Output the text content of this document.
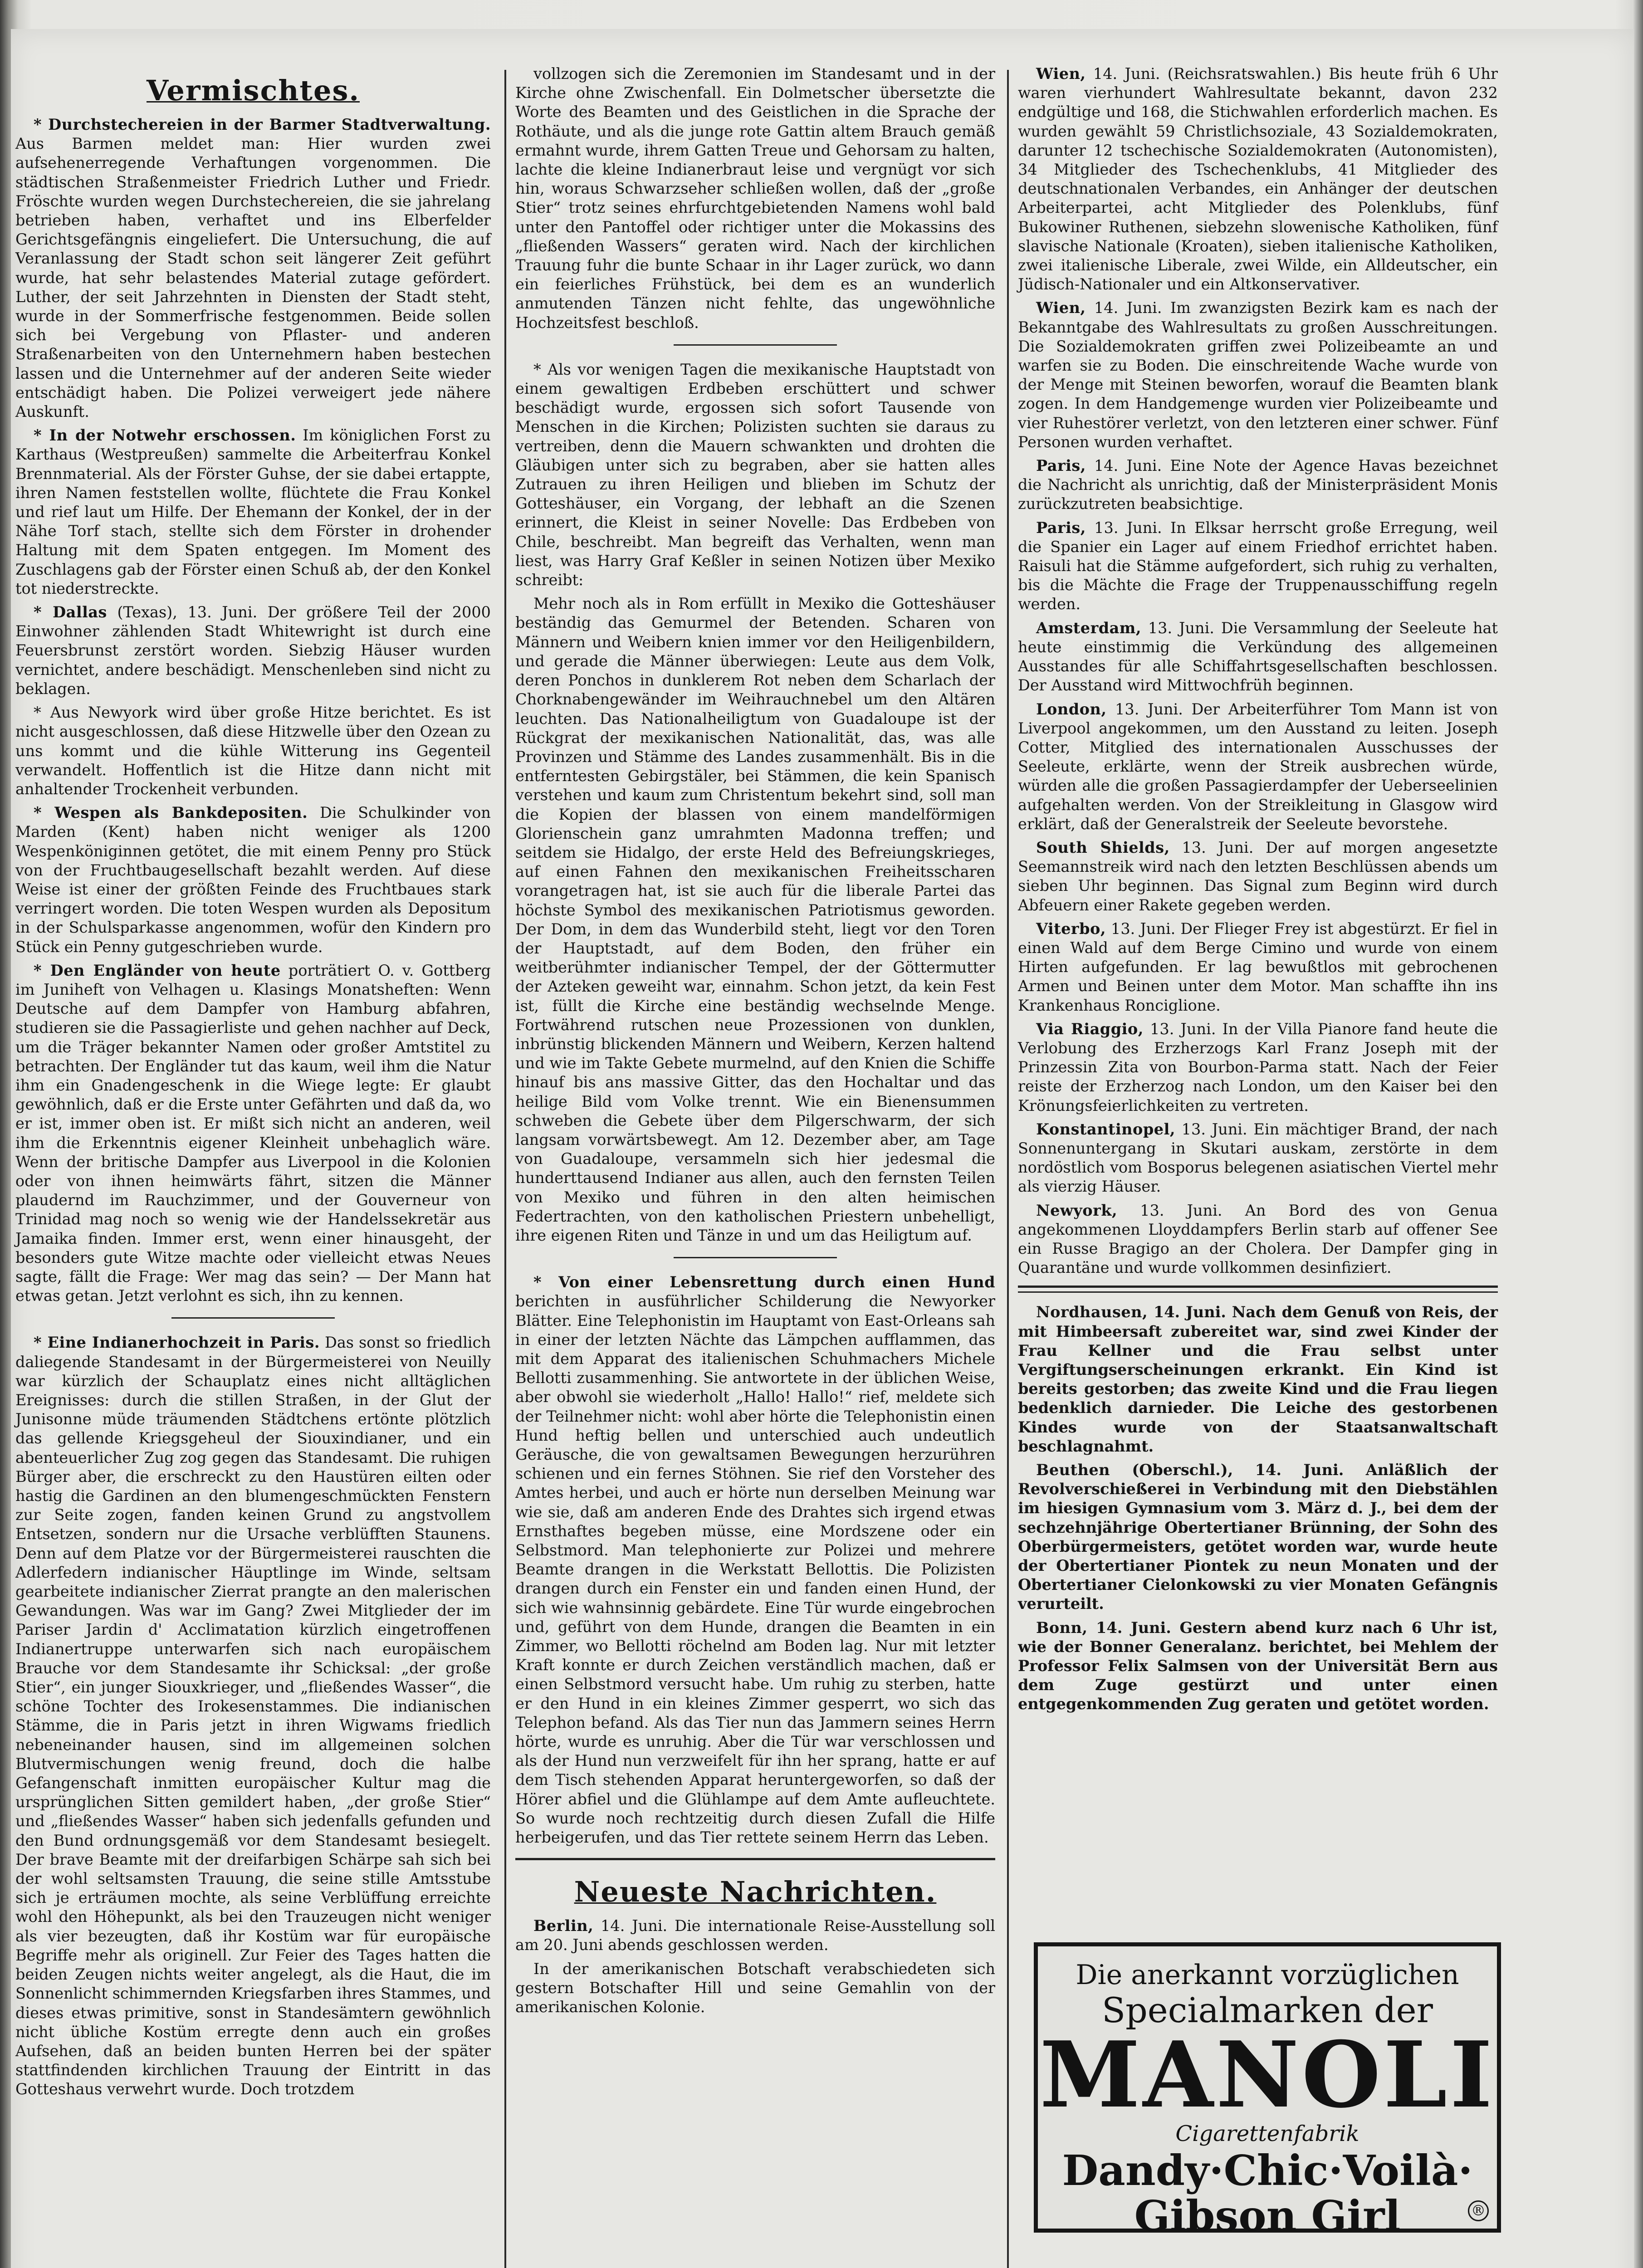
Vermischtes.

* Durchstechereien in der Barmer Stadtverwaltung. Aus Barmen meldet man: Hier wurden zwei aufsehenerregende Verhaftungen vorgenommen. Die städtischen Straßenmeister Friedrich Luther und Friedr. Fröschte wurden wegen Durchstechereien, die sie jahrelang betrieben haben, verhaftet und ins Elberfelder Gerichtsgefängnis eingeliefert. Die Untersuchung, die auf Veranlassung der Stadt schon seit längerer Zeit geführt wurde, hat sehr belastendes Material zutage gefördert. Luther, der seit Jahrzehnten in Diensten der Stadt steht, wurde in der Sommerfrische festgenommen. Beide sollen sich bei Vergebung von Pflaster- und anderen Straßenarbeiten von den Unternehmern haben bestechen lassen und die Unternehmer auf der anderen Seite wieder entschädigt haben. Die Polizei verweigert jede nähere Auskunft.

* In der Notwehr erschossen. Im königlichen Forst zu Karthaus (Westpreußen) sammelte die Arbeiterfrau Konkel Brennmaterial. Als der Förster Guhse, der sie dabei ertappte, ihren Namen feststellen wollte, flüchtete die Frau Konkel und rief laut um Hilfe. Der Ehemann der Konkel, der in der Nähe Torf stach, stellte sich dem Förster in drohender Haltung mit dem Spaten entgegen. Im Moment des Zuschlagens gab der Förster einen Schuß ab, der den Konkel tot niederstreckte.

* Dallas (Texas), 13. Juni. Der größere Teil der 2000 Einwohner zählenden Stadt Whitewright ist durch eine Feuersbrunst zerstört worden. Siebzig Häuser wurden vernichtet, andere beschädigt. Menschenleben sind nicht zu beklagen.

* Aus Newyork wird über große Hitze berichtet. Es ist nicht ausgeschlossen, daß diese Hitzwelle über den Ozean zu uns kommt und die kühle Witterung ins Gegenteil verwandelt. Hoffentlich ist die Hitze dann nicht mit anhaltender Trockenheit verbunden.

* Wespen als Bankdepositen. Die Schulkinder von Marden (Kent) haben nicht weniger als 1200 Wespenköniginnen getötet, die mit einem Penny pro Stück von der Fruchtbaugesellschaft bezahlt werden. Auf diese Weise ist einer der größten Feinde des Fruchtbaues stark verringert worden. Die toten Wespen wurden als Depositum in der Schulsparkasse angenommen, wofür den Kindern pro Stück ein Penny gutgeschrieben wurde.

* Den Engländer von heute porträtiert O. v. Gottberg im Juniheft von Velhagen u. Klasings Monatsheften: Wenn Deutsche auf dem Dampfer von Hamburg abfahren, studieren sie die Passagierliste und gehen nachher auf Deck, um die Träger bekannter Namen oder großer Amtstitel zu betrachten. Der Engländer tut das kaum, weil ihm die Natur ihm ein Gnadengeschenk in die Wiege legte: Er glaubt gewöhnlich, daß er die Erste unter Gefährten und daß da, wo er ist, immer oben ist. Er mißt sich nicht an anderen, weil ihm die Erkenntnis eigener Kleinheit unbehaglich wäre. Wenn der britische Dampfer aus Liverpool in die Kolonien oder von ihnen heimwärts fährt, sitzen die Männer plaudernd im Rauchzimmer, und der Gouverneur von Trinidad mag noch so wenig wie der Handelssekretär aus Jamaika finden. Immer erst, wenn einer hinausgeht, der besonders gute Witze machte oder vielleicht etwas Neues sagte, fällt die Frage: Wer mag das sein? — Der Mann hat etwas getan. Jetzt verlohnt es sich, ihn zu kennen.

* Eine Indianerhochzeit in Paris. Das sonst so friedlich daliegende Standesamt in der Bürgermeisterei von Neuilly war kürzlich der Schauplatz eines nicht alltäglichen Ereignisses: durch die stillen Straßen, in der Glut der Junisonne müde träumenden Städtchens ertönte plötzlich das gellende Kriegsgeheul der Siouxindianer, und ein abenteuerlicher Zug zog gegen das Standesamt. Die ruhigen Bürger aber, die erschreckt zu den Haustüren eilten oder hastig die Gardinen an den blumengeschmückten Fenstern zur Seite zogen, fanden keinen Grund zu angstvollem Entsetzen, sondern nur die Ursache verblüfften Staunens. Denn auf dem Platze vor der Bürgermeisterei rauschten die Adlerfedern indianischer Häuptlinge im Winde, seltsam gearbeitete indianischer Zierrat prangte an den malerischen Gewandungen. Was war im Gang? Zwei Mitglieder der im Pariser Jardin d' Acclimatation kürzlich eingetroffenen Indianertruppe unterwarfen sich nach europäischem Brauche vor dem Standesamte ihr Schicksal: „der große Stier“, ein junger Siouxkrieger, und „fließendes Wasser“, die schöne Tochter des Irokesenstammes. Die indianischen Stämme, die in Paris jetzt in ihren Wigwams friedlich nebeneinander hausen, sind im allgemeinen solchen Blutvermischungen wenig freund, doch die halbe Gefangenschaft inmitten europäischer Kultur mag die ursprünglichen Sitten gemildert haben, „der große Stier“ und „fließendes Wasser“ haben sich jedenfalls gefunden und den Bund ordnungsgemäß vor dem Standesamt besiegelt. Der brave Beamte mit der dreifarbigen Schärpe sah sich bei der wohl seltsamsten Trauung, die seine stille Amtsstube sich je erträumen mochte, als seine Verblüffung erreichte wohl den Höhepunkt, als bei den Trauzeugen nicht weniger als vier bezeugten, daß ihr Kostüm war für europäische Begriffe mehr als originell. Zur Feier des Tages hatten die beiden Zeugen nichts weiter angelegt, als die Haut, die im Sonnenlicht schimmernden Kriegsfarben ihres Stammes, und dieses etwas primitive, sonst in Standesämtern gewöhnlich nicht übliche Kostüm erregte denn auch ein großes Aufsehen, daß an beiden bunten Herren bei der später stattfindenden kirchlichen Trauung der Eintritt in das Gotteshaus verwehrt wurde. Doch trotzdem

vollzogen sich die Zeremonien im Standesamt und in der Kirche ohne Zwischenfall. Ein Dolmetscher übersetzte die Worte des Beamten und des Geistlichen in die Sprache der Rothäute, und als die junge rote Gattin altem Brauch gemäß ermahnt wurde, ihrem Gatten Treue und Gehorsam zu halten, lachte die kleine Indianerbraut leise und vergnügt vor sich hin, woraus Schwarzseher schließen wollen, daß der „große Stier“ trotz seines ehrfurchtgebietenden Namens wohl bald unter den Pantoffel oder richtiger unter die Mokassins des „fließenden Wassers“ geraten wird. Nach der kirchlichen Trauung fuhr die bunte Schaar in ihr Lager zurück, wo dann ein feierliches Frühstück, bei dem es an wunderlich anmutenden Tänzen nicht fehlte, das ungewöhnliche Hochzeitsfest beschloß.

* Als vor wenigen Tagen die mexikanische Hauptstadt von einem gewaltigen Erdbeben erschüttert und schwer beschädigt wurde, ergossen sich sofort Tausende von Menschen in die Kirchen; Polizisten suchten sie daraus zu vertreiben, denn die Mauern schwankten und drohten die Gläubigen unter sich zu begraben, aber sie hatten alles Zutrauen zu ihren Heiligen und blieben im Schutz der Gotteshäuser, ein Vorgang, der lebhaft an die Szenen erinnert, die Kleist in seiner Novelle: Das Erdbeben von Chile, beschreibt. Man begreift das Verhalten, wenn man liest, was Harry Graf Keßler in seinen Notizen über Mexiko schreibt:

Mehr noch als in Rom erfüllt in Mexiko die Gotteshäuser beständig das Gemurmel der Betenden. Scharen von Männern und Weibern knien immer vor den Heiligenbildern, und gerade die Männer überwiegen: Leute aus dem Volk, deren Ponchos in dunklerem Rot neben dem Scharlach der Chorknabengewänder im Weihrauchnebel um den Altären leuchten. Das Nationalheiligtum von Guadaloupe ist der Rückgrat der mexikanischen Nationalität, das, was alle Provinzen und Stämme des Landes zusammenhält. Bis in die entferntesten Gebirgstäler, bei Stämmen, die kein Spanisch verstehen und kaum zum Christentum bekehrt sind, soll man die Kopien der blassen von einem mandelförmigen Glorienschein ganz umrahmten Madonna treffen; und seitdem sie Hidalgo, der erste Held des Befreiungskrieges, auf einen Fahnen den mexikanischen Freiheitsscharen vorangetragen hat, ist sie auch für die liberale Partei das höchste Symbol des mexikanischen Patriotismus geworden. Der Dom, in dem das Wunderbild steht, liegt vor den Toren der Hauptstadt, auf dem Boden, den früher ein weitberühmter indianischer Tempel, der der Göttermutter der Azteken geweiht war, einnahm. Schon jetzt, da kein Fest ist, füllt die Kirche eine beständig wechselnde Menge. Fortwährend rutschen neue Prozessionen von dunklen, inbrünstig blickenden Männern und Weibern, Kerzen haltend und wie im Takte Gebete murmelnd, auf den Knien die Schiffe hinauf bis ans massive Gitter, das den Hochaltar und das heilige Bild vom Volke trennt. Wie ein Bienensummen schweben die Gebete über dem Pilgerschwarm, der sich langsam vorwärtsbewegt. Am 12. Dezember aber, am Tage von Guadaloupe, versammeln sich hier jedesmal die hunderttausend Indianer aus allen, auch den fernsten Teilen von Mexiko und führen in den alten heimischen Federtrachten, von den katholischen Priestern unbehelligt, ihre eigenen Riten und Tänze in und um das Heiligtum auf.

* Von einer Lebensrettung durch einen Hund berichten in ausführlicher Schilderung die Newyorker Blätter. Eine Telephonistin im Hauptamt von East-Orleans sah in einer der letzten Nächte das Lämpchen aufflammen, das mit dem Apparat des italienischen Schuhmachers Michele Bellotti zusammenhing. Sie antwortete in der üblichen Weise, aber obwohl sie wiederholt „Hallo! Hallo!“ rief, meldete sich der Teilnehmer nicht: wohl aber hörte die Telephonistin einen Hund heftig bellen und unterschied auch undeutlich Geräusche, die von gewaltsamen Bewegungen herzurühren schienen und ein fernes Stöhnen. Sie rief den Vorsteher des Amtes herbei, und auch er hörte nun derselben Meinung war wie sie, daß am anderen Ende des Drahtes sich irgend etwas Ernsthaftes begeben müsse, eine Mordszene oder ein Selbstmord. Man telephonierte zur Polizei und mehrere Beamte drangen in die Werkstatt Bellottis. Die Polizisten drangen durch ein Fenster ein und fanden einen Hund, der sich wie wahnsinnig gebärdete. Eine Tür wurde eingebrochen und, geführt von dem Hunde, drangen die Beamten in ein Zimmer, wo Bellotti röchelnd am Boden lag. Nur mit letzter Kraft konnte er durch Zeichen verständlich machen, daß er einen Selbstmord versucht habe. Um ruhig zu sterben, hatte er den Hund in ein kleines Zimmer gesperrt, wo sich das Telephon befand. Als das Tier nun das Jammern seines Herrn hörte, wurde es unruhig. Aber die Tür war verschlossen und als der Hund nun verzweifelt für ihn her sprang, hatte er auf dem Tisch stehenden Apparat heruntergeworfen, so daß der Hörer abfiel und die Glühlampe auf dem Amte aufleuchtete. So wurde noch rechtzeitig durch diesen Zufall die Hilfe herbeigerufen, und das Tier rettete seinem Herrn das Leben.

Neueste Nachrichten.

Berlin, 14. Juni. Die internationale Reise-Ausstellung soll am 20. Juni abends geschlossen werden.

In der amerikanischen Botschaft verabschiedeten sich gestern Botschafter Hill und seine Gemahlin von der amerikanischen Kolonie.

Wien, 14. Juni. (Reichsratswahlen.) Bis heute früh 6 Uhr waren vierhundert Wahlresultate bekannt, davon 232 endgültige und 168, die Stichwahlen erforderlich machen. Es wurden gewählt 59 Christlichsoziale, 43 Sozialdemokraten, darunter 12 tschechische Sozialdemokraten (Autonomisten), 34 Mitglieder des Tschechenklubs, 41 Mitglieder des deutschnationalen Verbandes, ein Anhänger der deutschen Arbeiterpartei, acht Mitglieder des Polenklubs, fünf Bukowiner Ruthenen, siebzehn slowenische Katholiken, fünf slavische Nationale (Kroaten), sieben italienische Katholiken, zwei italienische Liberale, zwei Wilde, ein Alldeutscher, ein Jüdisch-Nationaler und ein Altkonservativer.

Wien, 14. Juni. Im zwanzigsten Bezirk kam es nach der Bekanntgabe des Wahlresultats zu großen Ausschreitungen. Die Sozialdemokraten griffen zwei Polizeibeamte an und warfen sie zu Boden. Die einschreitende Wache wurde von der Menge mit Steinen beworfen, worauf die Beamten blank zogen. In dem Handgemenge wurden vier Polizeibeamte und vier Ruhestörer verletzt, von den letzteren einer schwer. Fünf Personen wurden verhaftet.

Paris, 14. Juni. Eine Note der Agence Havas bezeichnet die Nachricht als unrichtig, daß der Ministerpräsident Monis zurückzutreten beabsichtige.

Paris, 13. Juni. In Elksar herrscht große Erregung, weil die Spanier ein Lager auf einem Friedhof errichtet haben. Raisuli hat die Stämme aufgefordert, sich ruhig zu verhalten, bis die Mächte die Frage der Truppenausschiffung regeln werden.

Amsterdam, 13. Juni. Die Versammlung der Seeleute hat heute einstimmig die Verkündung des allgemeinen Ausstandes für alle Schiffahrtsgesellschaften beschlossen. Der Ausstand wird Mittwochfrüh beginnen.

London, 13. Juni. Der Arbeiterführer Tom Mann ist von Liverpool angekommen, um den Ausstand zu leiten. Joseph Cotter, Mitglied des internationalen Ausschusses der Seeleute, erklärte, wenn der Streik ausbrechen würde, würden alle die großen Passagierdampfer der Ueberseelinien aufgehalten werden. Von der Streikleitung in Glasgow wird erklärt, daß der Generalstreik der Seeleute bevorstehe.

South Shields, 13. Juni. Der auf morgen angesetzte Seemannstreik wird nach den letzten Beschlüssen abends um sieben Uhr beginnen. Das Signal zum Beginn wird durch Abfeuern einer Rakete gegeben werden.

Viterbo, 13. Juni. Der Flieger Frey ist abgestürzt. Er fiel in einen Wald auf dem Berge Cimino und wurde von einem Hirten aufgefunden. Er lag bewußtlos mit gebrochenen Armen und Beinen unter dem Motor. Man schaffte ihn ins Krankenhaus Ronciglione.

Via Riaggio, 13. Juni. In der Villa Pianore fand heute die Verlobung des Erzherzogs Karl Franz Joseph mit der Prinzessin Zita von Bourbon-Parma statt. Nach der Feier reiste der Erzherzog nach London, um den Kaiser bei den Krönungsfeierlichkeiten zu vertreten.

Konstantinopel, 13. Juni. Ein mächtiger Brand, der nach Sonnenuntergang in Skutari auskam, zerstörte in dem nordöstlich vom Bosporus belegenen asiatischen Viertel mehr als vierzig Häuser.

Newyork, 13. Juni. An Bord des von Genua angekommenen Lloyddampfers Berlin starb auf offener See ein Russe Bragigo an der Cholera. Der Dampfer ging in Quarantäne und wurde vollkommen desinfiziert.

Nordhausen, 14. Juni. Nach dem Genuß von Reis, der mit Himbeersaft zubereitet war, sind zwei Kinder der Frau Kellner und die Frau selbst unter Vergiftungserscheinungen erkrankt. Ein Kind ist bereits gestorben; das zweite Kind und die Frau liegen bedenklich darnieder. Die Leiche des gestorbenen Kindes wurde von der Staatsanwaltschaft beschlagnahmt.

Beuthen (Oberschl.), 14. Juni. Anläßlich der Revolverschießerei in Verbindung mit den Diebstählen im hiesigen Gymnasium vom 3. März d. J., bei dem der sechzehnjährige Obertertianer Brünning, der Sohn des Oberbürgermeisters, getötet worden war, wurde heute der Obertertianer Piontek zu neun Monaten und der Obertertianer Cielonkowski zu vier Monaten Gefängnis verurteilt.

Bonn, 14. Juni. Gestern abend kurz nach 6 Uhr ist, wie der Bonner Generalanz. berichtet, bei Mehlem der Professor Felix Salmsen von der Universität Bern aus dem Zuge gestürzt und unter einen entgegenkommenden Zug geraten und getötet worden.

Die anerkannt vorzüglichen
Specialmarken der
MANOLI
Cigarettenfabrik
Dandy·Chic·Voilà·
Gibson Girl	®
